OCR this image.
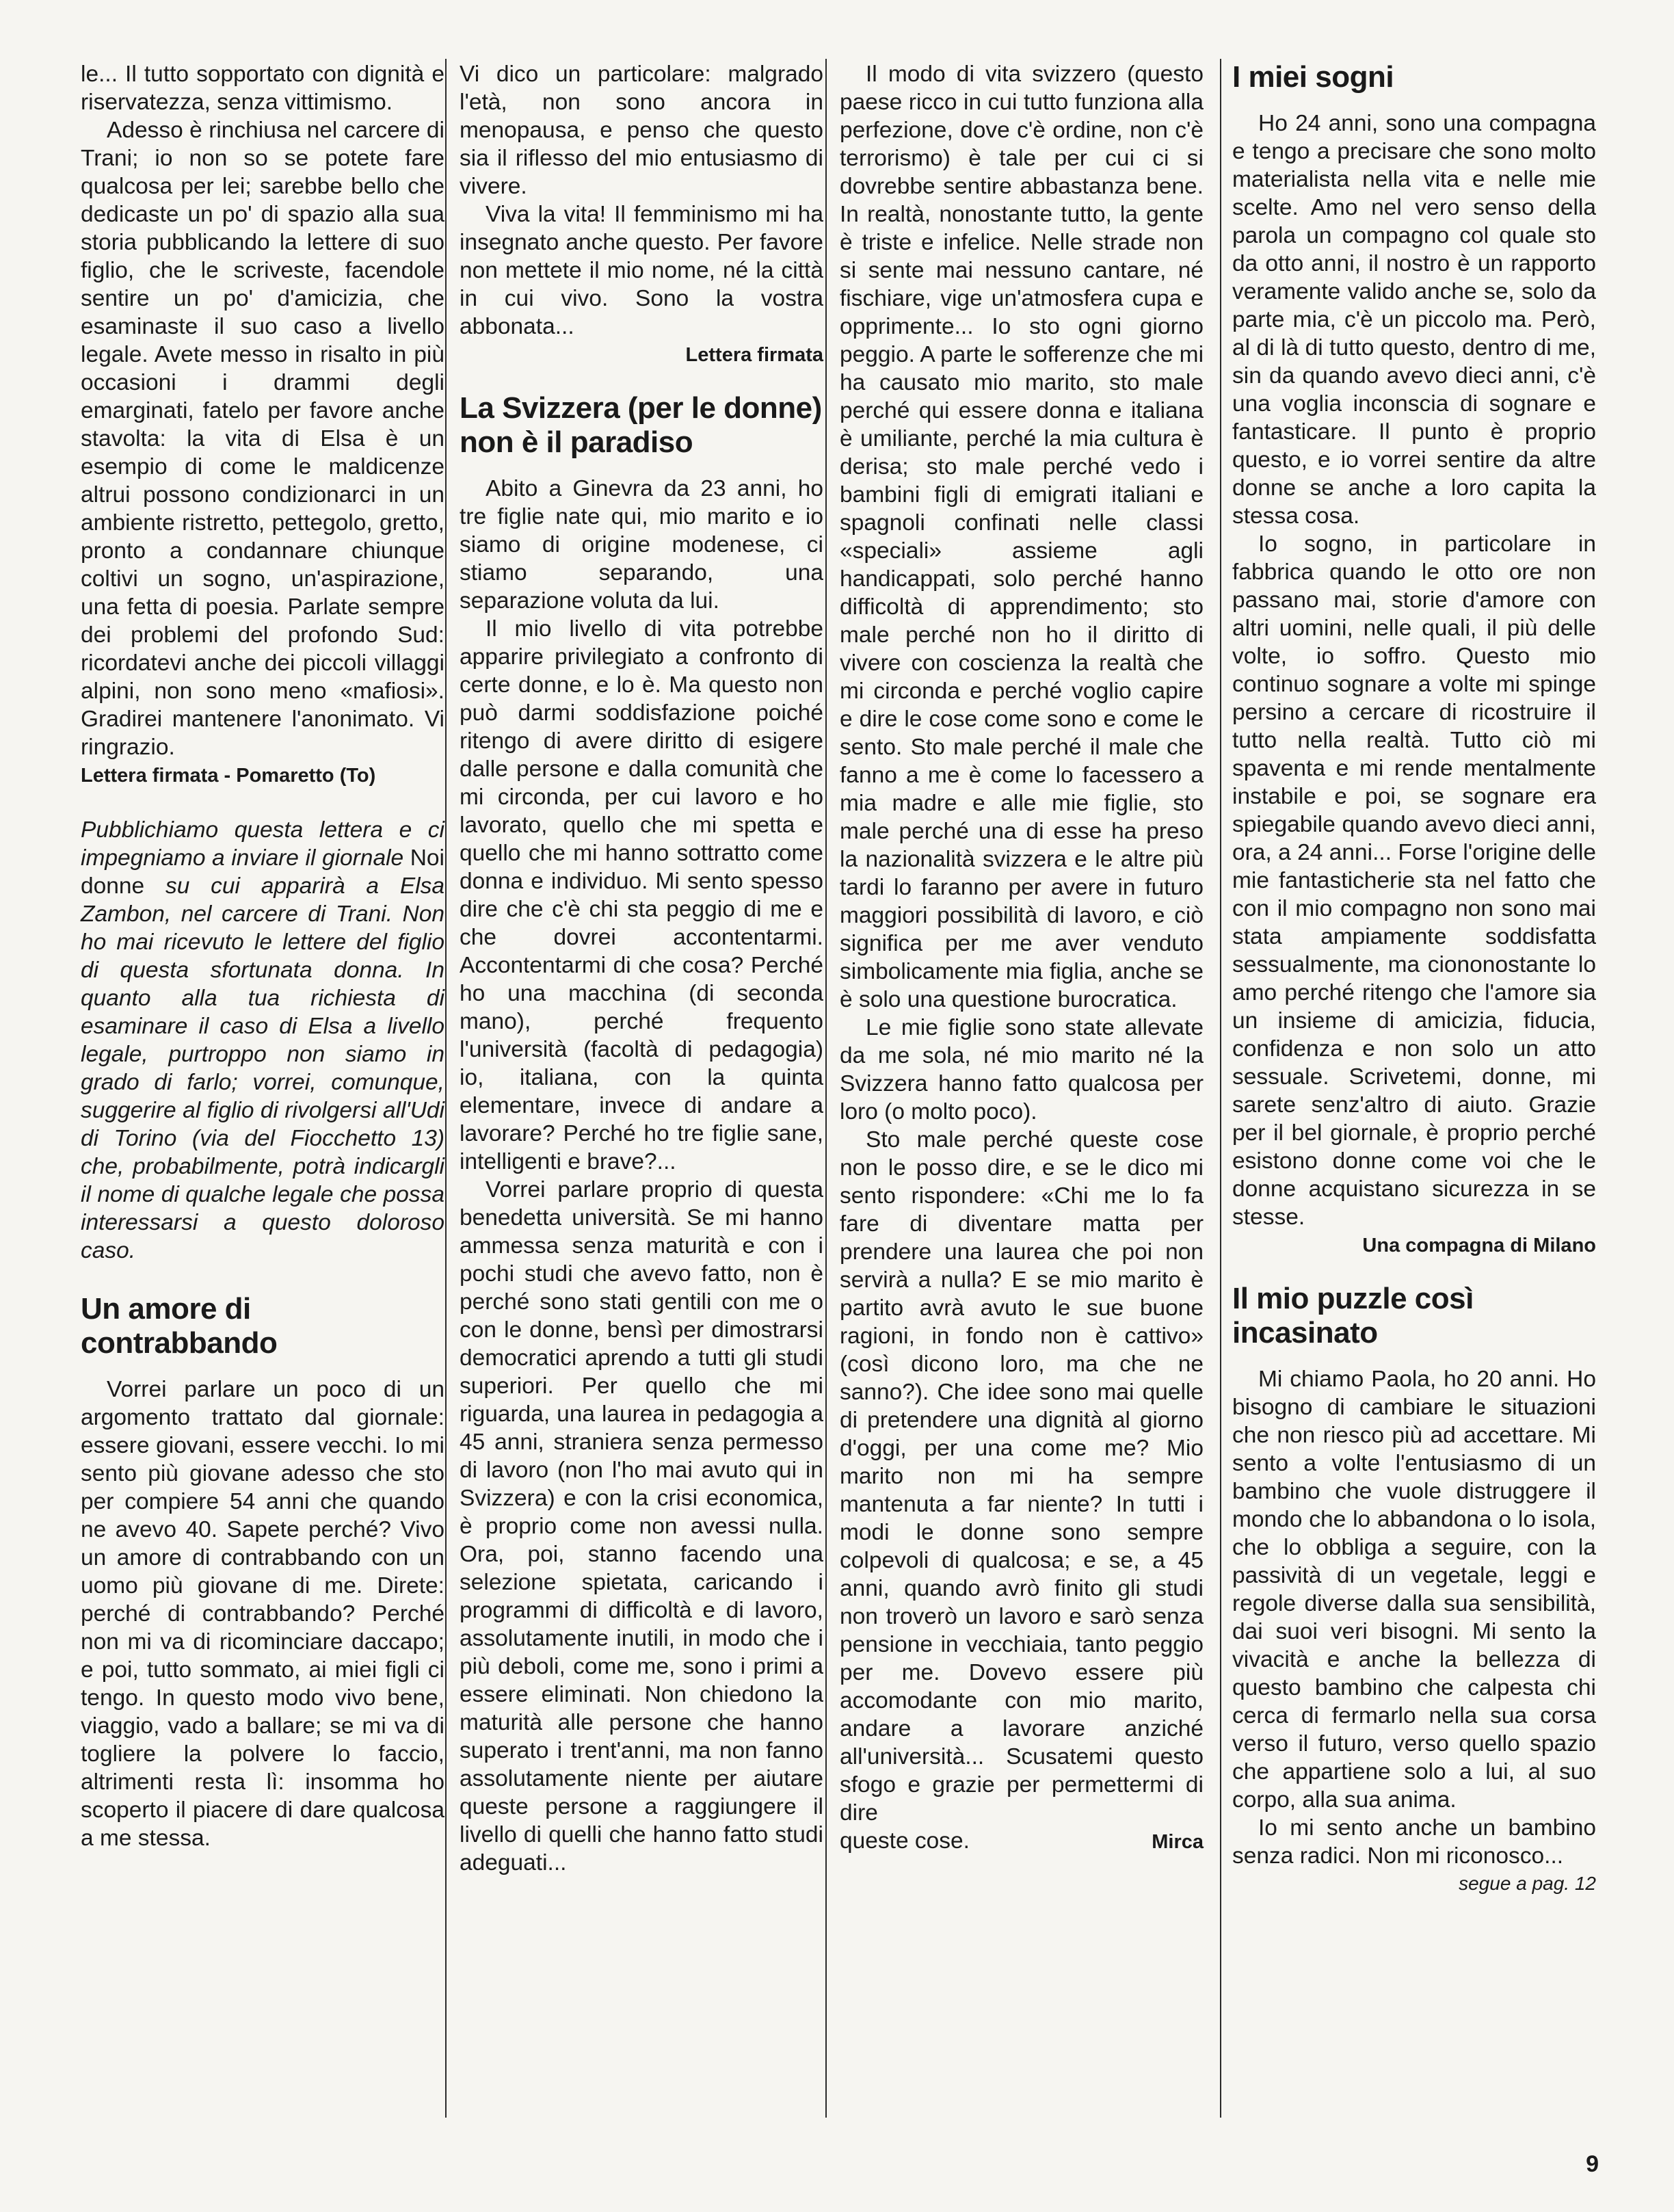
le... Il tutto sopportato con dignità e riservatezza, senza vittimismo.

Adesso è rinchiusa nel carcere di Trani; io non so se potete fare qualcosa per lei; sarebbe bello che dedicaste un po' di spazio alla sua storia pubblicando la lettere di suo figlio, che le scriveste, facendole sentire un po' d'amicizia, che esaminaste il suo caso a livello legale. Avete messo in risalto in più occasioni i drammi degli emarginati, fatelo per favore anche stavolta: la vita di Elsa è un esempio di come le maldicenze altrui possono condizionarci in un ambiente ristretto, pettegolo, gretto, pronto a condannare chiunque coltivi un sogno, un'aspirazione, una fetta di poesia. Parlate sempre dei problemi del profondo Sud: ricordatevi anche dei piccoli villaggi alpini, non sono meno «mafiosi». Gradirei mantenere l'anonimato. Vi ringrazio.

Lettera firmata - Pomaretto (To)

Pubblichiamo questa lettera e ci impegniamo a inviare il giornale Noi donne su cui apparirà a Elsa Zambon, nel carcere di Trani. Non ho mai ricevuto le lettere del figlio di questa sfortunata donna. In quanto alla tua richiesta di esaminare il caso di Elsa a livello legale, purtroppo non siamo in grado di farlo; vorrei, comunque, suggerire al figlio di rivolgersi all'Udi di Torino (via del Fiocchetto 13) che, probabilmente, potrà indicargli il nome di qualche legale che possa interessarsi a questo doloroso caso.

Un amore di contrabbando

Vorrei parlare un poco di un argomento trattato dal giornale: essere giovani, essere vecchi. Io mi sento più giovane adesso che sto per compiere 54 anni che quando ne avevo 40. Sapete perché? Vivo un amore di contrabbando con un uomo più giovane di me. Direte: perché di contrabbando? Perché non mi va di ricominciare daccapo; e poi, tutto sommato, ai miei figli ci tengo. In questo modo vivo bene, viaggio, vado a ballare; se mi va di togliere la polvere lo faccio, altrimenti resta lì: insomma ho scoperto il piacere di dare qualcosa a me stessa.

Vi dico un particolare: malgrado l'età, non sono ancora in menopausa, e penso che questo sia il riflesso del mio entusiasmo di vivere.

Viva la vita! Il femminismo mi ha insegnato anche questo. Per favore non mettete il mio nome, né la città in cui vivo. Sono la vostra abbonata...

Lettera firmata
La Svizzera (per le donne) non è il paradiso

Abito a Ginevra da 23 anni, ho tre figlie nate qui, mio marito e io siamo di origine modenese, ci stiamo separando, una separazione voluta da lui.

Il mio livello di vita potrebbe apparire privilegiato a confronto di certe donne, e lo è. Ma questo non può darmi soddisfazione poiché ritengo di avere diritto di esigere dalle persone e dalla comunità che mi circonda, per cui lavoro e ho lavorato, quello che mi spetta e quello che mi hanno sottratto come donna e individuo. Mi sento spesso dire che c'è chi sta peggio di me e che dovrei accontentarmi. Accontentarmi di che cosa? Perché ho una macchina (di seconda mano), perché frequento l'università (facoltà di pedagogia) io, italiana, con la quinta elementare, invece di andare a lavorare? Perché ho tre figlie sane, intelligenti e brave?...

Vorrei parlare proprio di questa benedetta università. Se mi hanno ammessa senza maturità e con i pochi studi che avevo fatto, non è perché sono stati gentili con me o con le donne, bensì per dimostrarsi democratici aprendo a tutti gli studi superiori. Per quello che mi riguarda, una laurea in pedagogia a 45 anni, straniera senza permesso di lavoro (non l'ho mai avuto qui in Svizzera) e con la crisi economica, è proprio come non avessi nulla. Ora, poi, stanno facendo una selezione spietata, caricando i programmi di difficoltà e di lavoro, assolutamente inutili, in modo che i più deboli, come me, sono i primi a essere eliminati. Non chiedono la maturità alle persone che hanno superato i trent'anni, ma non fanno assolutamente niente per aiutare queste persone a raggiungere il livello di quelli che hanno fatto studi adeguati...

Il modo di vita svizzero (questo paese ricco in cui tutto funziona alla perfezione, dove c'è ordine, non c'è terrorismo) è tale per cui ci si dovrebbe sentire abbastanza bene. In realtà, nonostante tutto, la gente è triste e infelice. Nelle strade non si sente mai nessuno cantare, né fischiare, vige un'atmosfera cupa e opprimente... Io sto ogni giorno peggio. A parte le sofferenze che mi ha causato mio marito, sto male perché qui essere donna e italiana è umiliante, perché la mia cultura è derisa; sto male perché vedo i bambini figli di emigrati italiani e spagnoli confinati nelle classi «speciali» assieme agli handicappati, solo perché hanno difficoltà di apprendimento; sto male perché non ho il diritto di vivere con coscienza la realtà che mi circonda e perché voglio capire e dire le cose come sono e come le sento. Sto male perché il male che fanno a me è come lo facessero a mia madre e alle mie figlie, sto male perché una di esse ha preso la nazionalità svizzera e le altre più tardi lo faranno per avere in futuro maggiori possibilità di lavoro, e ciò significa per me aver venduto simbolicamente mia figlia, anche se è solo una questione burocratica.

Le mie figlie sono state allevate da me sola, né mio marito né la Svizzera hanno fatto qualcosa per loro (o molto poco).

Sto male perché queste cose non le posso dire, e se le dico mi sento rispondere: «Chi me lo fa fare di diventare matta per prendere una laurea che poi non servirà a nulla? E se mio marito è partito avrà avuto le sue buone ragioni, in fondo non è cattivo» (così dicono loro, ma che ne sanno?). Che idee sono mai quelle di pretendere una dignità al giorno d'oggi, per una come me? Mio marito non mi ha sempre mantenuta a far niente? In tutti i modi le donne sono sempre colpevoli di qualcosa; e se, a 45 anni, quando avrò finito gli studi non troverò un lavoro e sarò senza pensione in vecchiaia, tanto peggio per me. Dovevo essere più accomodante con mio marito, andare a lavorare anziché all'università... Scusatemi questo sfogo e grazie per permettermi di dire

queste cose.	Mirca
I miei sogni

Ho 24 anni, sono una compagna e tengo a precisare che sono molto materialista nella vita e nelle mie scelte. Amo nel vero senso della parola un compagno col quale sto da otto anni, il nostro è un rapporto veramente valido anche se, solo da parte mia, c'è un piccolo ma. Però, al di là di tutto questo, dentro di me, sin da quando avevo dieci anni, c'è una voglia inconscia di sognare e fantasticare. Il punto è proprio questo, e io vorrei sentire da altre donne se anche a loro capita la stessa cosa.

Io sogno, in particolare in fabbrica quando le otto ore non passano mai, storie d'amore con altri uomini, nelle quali, il più delle volte, io soffro. Questo mio continuo sognare a volte mi spinge persino a cercare di ricostruire il tutto nella realtà. Tutto ciò mi spaventa e mi rende mentalmente instabile e poi, se sognare era spiegabile quando avevo dieci anni, ora, a 24 anni... Forse l'origine delle mie fantasticherie sta nel fatto che con il mio compagno non sono mai stata ampiamente soddisfatta sessualmente, ma ciononostante lo amo perché ritengo che l'amore sia un insieme di amicizia, fiducia, confidenza e non solo un atto sessuale. Scrivetemi, donne, mi sarete senz'altro di aiuto. Grazie per il bel giornale, è proprio perché esistono donne come voi che le donne acquistano sicurezza in se stesse.

Una compagna di Milano
Il mio puzzle così incasinato

Mi chiamo Paola, ho 20 anni. Ho bisogno di cambiare le situazioni che non riesco più ad accettare. Mi sento a volte l'entusiasmo di un bambino che vuole distruggere il mondo che lo abbandona o lo isola, che lo obbliga a seguire, con la passività di un vegetale, leggi e regole diverse dalla sua sensibilità, dai suoi veri bisogni. Mi sento la vivacità e anche la bellezza di questo bambino che calpesta chi cerca di fermarlo nella sua corsa verso il futuro, verso quello spazio che appartiene solo a lui, al suo corpo, alla sua anima.

Io mi sento anche un bambino senza radici. Non mi riconosco...

segue a pag. 12
9
